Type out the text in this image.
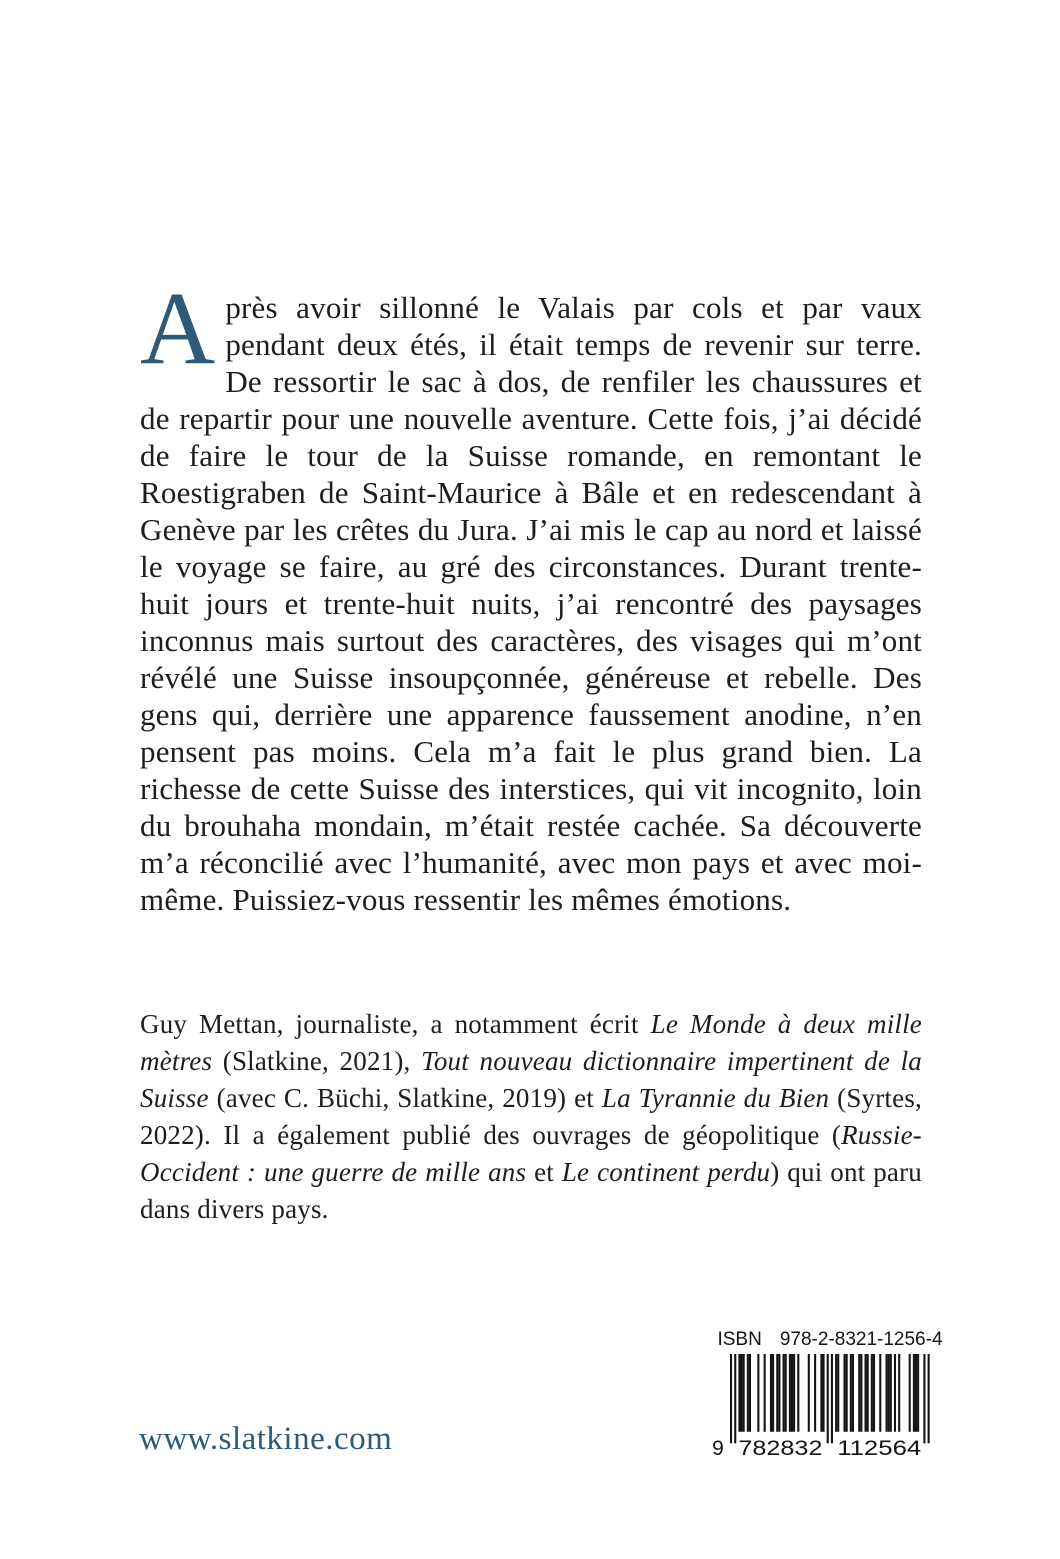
Après avoir sillonné le Valais par cols et par vaux pendant deux étés, il était temps de revenir sur terre. De ressortir le sac à dos, de renfiler les chaussures et de repartir pour une nouvelle aventure. Cette fois, j’ai décidé de faire le tour de la Suisse romande, en remontant le Roestigraben de Saint-Maurice à Bâle et en redescendant à Genève par les crêtes du Jura. J’ai mis le cap au nord et laissé le voyage se faire, au gré des circonstances. Durant trente-huit jours et trente-huit nuits, j’ai rencontré des paysages inconnus mais surtout des caractères, des visages qui m’ont révélé une Suisse insoupçonnée, généreuse et rebelle. Des gens qui, derrière une apparence faussement anodine, n’en pensent pas moins. Cela m’a fait le plus grand bien. La richesse de cette Suisse des interstices, qui vit incognito, loin du brouhaha mondain, m’était restée cachée. Sa découverte m’a réconcilié avec l’humanité, avec mon pays et avec moi-même. Puissiez-vous ressentir les mêmes émotions.

Guy Mettan, journaliste, a notamment écrit Le Monde à deux mille mètres (Slatkine, 2021), Tout nouveau dictionnaire impertinent de la Suisse (avec C. Büchi, Slatkine, 2019) et La Tyrannie du Bien (Syrtes, 2022). Il a également publié des ouvrages de géopolitique (Russie-Occident : une guerre de mille ans et Le continent perdu) qui ont paru dans divers pays.

ISBN 978-2-8321-1256-4
9 782832 112564
www.slatkine.com
